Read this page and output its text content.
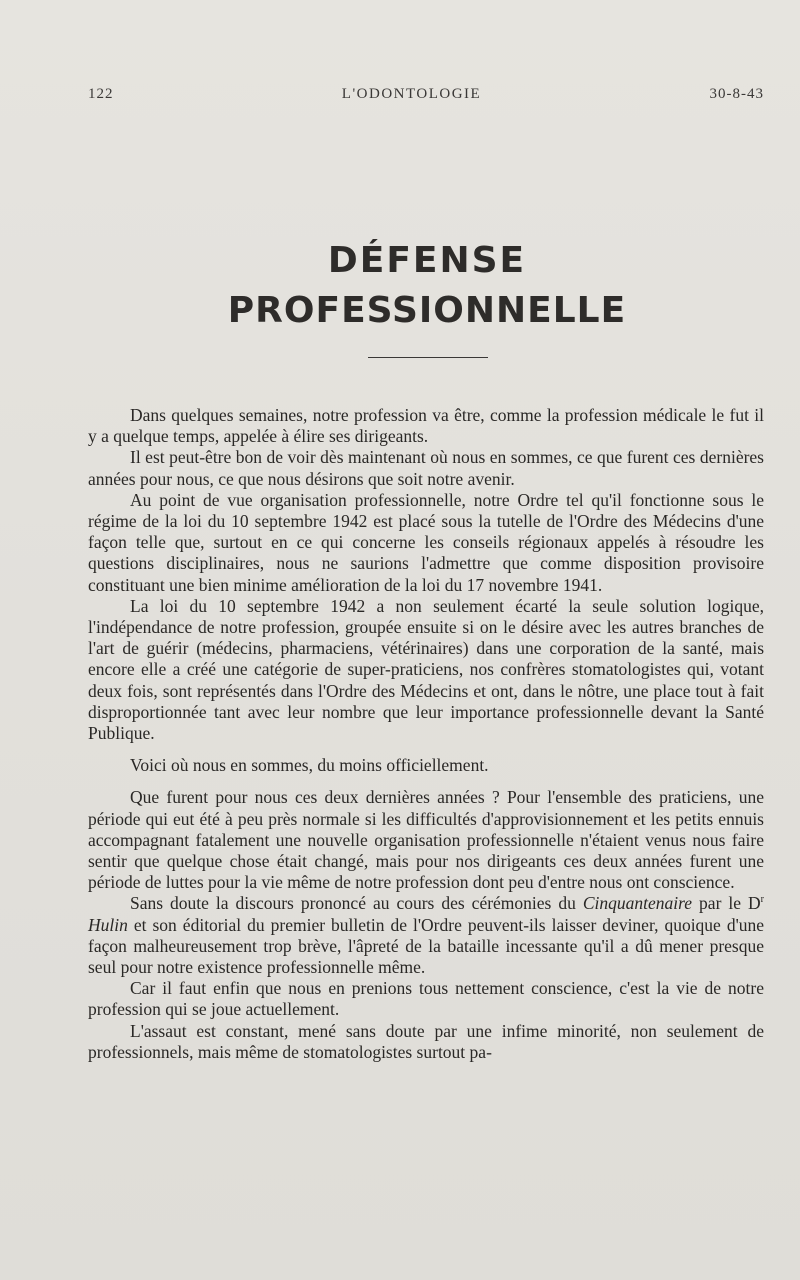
122	L'ODONTOLOGIE	30-8-43
DÉFENSE
PROFESSIONNELLE

Dans quelques semaines, notre profession va être, comme la profession médicale le fut il y a quelque temps, appelée à élire ses dirigeants.

Il est peut-être bon de voir dès maintenant où nous en sommes, ce que furent ces dernières années pour nous, ce que nous désirons que soit notre avenir.

Au point de vue organisation professionnelle, notre Ordre tel qu'il fonctionne sous le régime de la loi du 10 septembre 1942 est placé sous la tutelle de l'Ordre des Médecins d'une façon telle que, surtout en ce qui concerne les conseils régionaux appelés à résoudre les questions disciplinaires, nous ne saurions l'admettre que comme disposition provisoire constituant une bien minime amélioration de la loi du 17 novembre 1941.

La loi du 10 septembre 1942 a non seulement écarté la seule solution logique, l'indépendance de notre profession, groupée ensuite si on le désire avec les autres branches de l'art de guérir (médecins, pharmaciens, vétérinaires) dans une corporation de la santé, mais encore elle a créé une catégorie de super-praticiens, nos confrères stomatologistes qui, votant deux fois, sont représentés dans l'Ordre des Médecins et ont, dans le nôtre, une place tout à fait disproportionnée tant avec leur nombre que leur importance professionnelle devant la Santé Publique.

Voici où nous en sommes, du moins officiellement.

Que furent pour nous ces deux dernières années ? Pour l'ensemble des praticiens, une période qui eut été à peu près normale si les difficultés d'approvisionnement et les petits ennuis accompagnant fatalement une nouvelle organisation professionnelle n'étaient venus nous faire sentir que quelque chose était changé, mais pour nos dirigeants ces deux années furent une période de luttes pour la vie même de notre profession dont peu d'entre nous ont conscience.

Sans doute la discours prononcé au cours des cérémonies du Cinquantenaire par le $D^r$ Hulin et son éditorial du premier bulletin de l'Ordre peuvent-ils laisser deviner, quoique d'une façon malheureusement trop brève, l'âpreté de la bataille incessante qu'il a dû mener presque seul pour notre existence professionnelle même.

Car il faut enfin que nous en prenions tous nettement conscience, c'est la vie de notre profession qui se joue actuellement.

L'assaut est constant, mené sans doute par une infime minorité, non seulement de professionnels, mais même de stomatologistes surtout pa-
